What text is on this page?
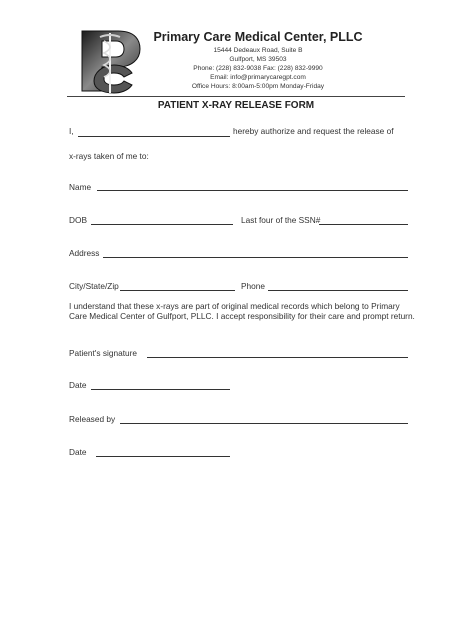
Primary Care Medical Center, PLLC
15444 Dedeaux Road, Suite B
Gulfport, MS 39503
Phone: (228) 832-9038 Fax: (228) 832-9990
Email: info@primarycaregpt.com
Office Hours: 8:00am-5:00pm Monday-Friday
PATIENT X-RAY RELEASE FORM
I,	hereby authorize and request the release of
x-rays taken of me to:
Name
DOB	Last four of the SSN#
Address
City/State/Zip	Phone
I understand that these x-rays are part of original medical records which belong to Primary Care Medical Center of Gulfport, PLLC. I accept responsibility for their care and prompt return.
Patient's signature
Date
Released by
Date
